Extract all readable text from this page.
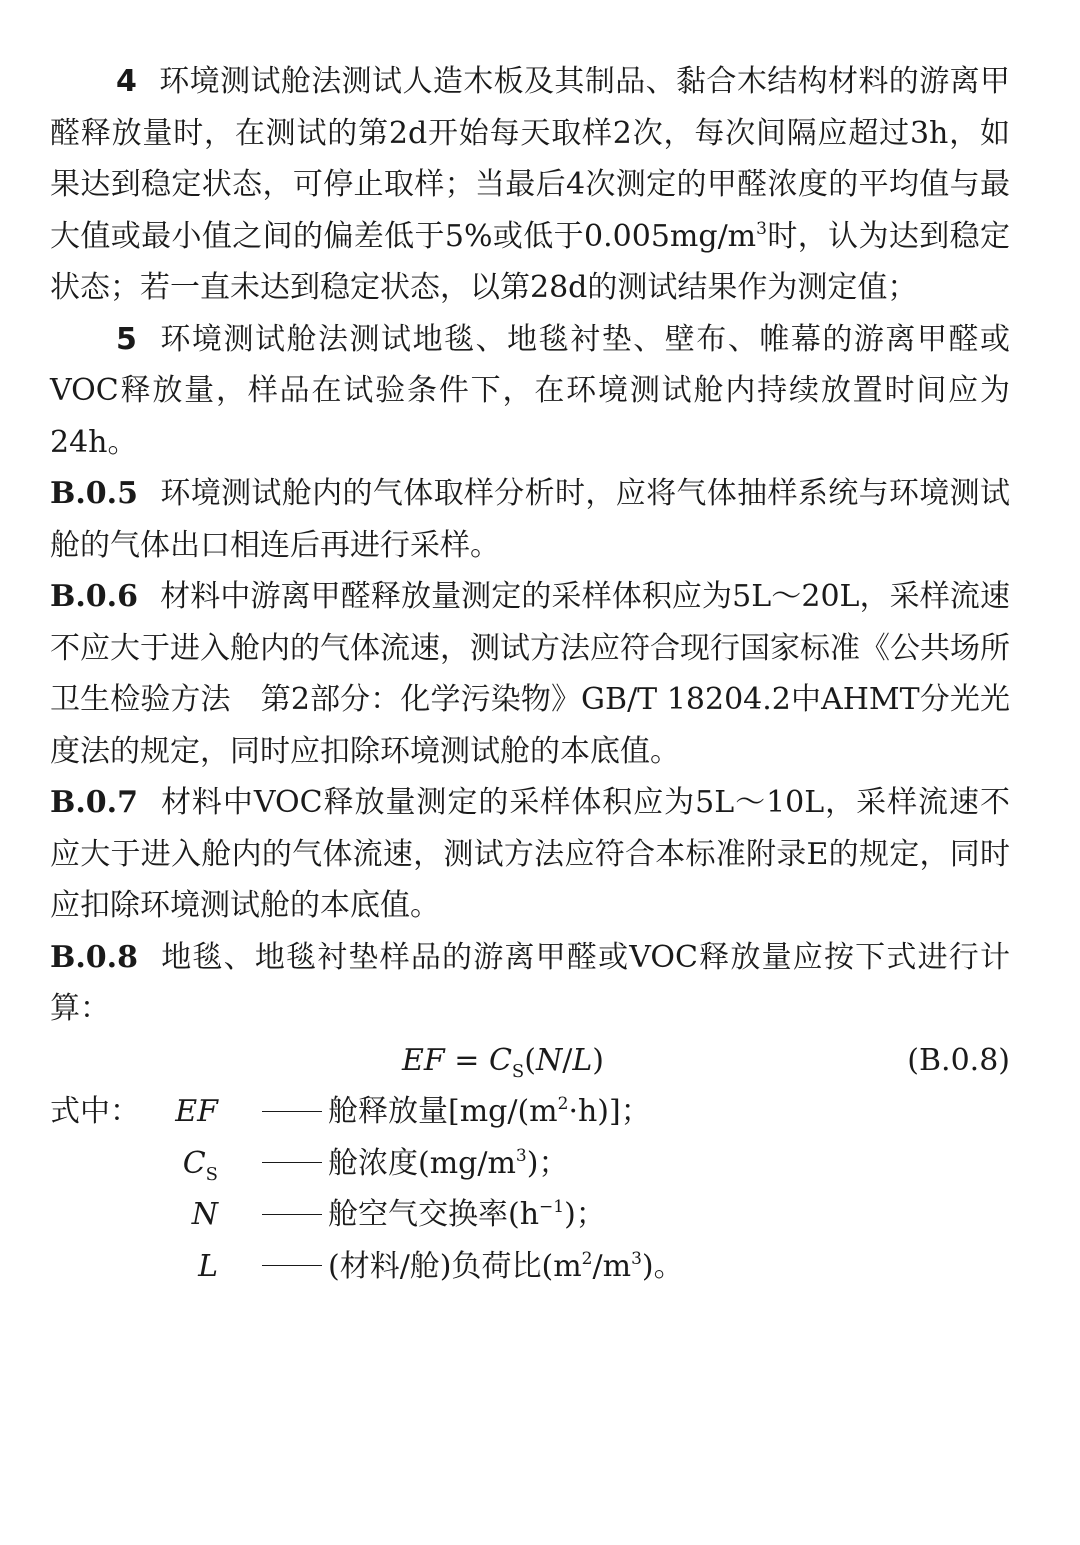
4 环境测试舱法测试人造木板及其制品、黏合木结构材料的游离甲醛释放量时，在测试的第2d开始每天取样2次，每次间隔应超过3h，如果达到稳定状态，可停止取样；当最后4次测定的甲醛浓度的平均值与最大值或最小值之间的偏差低于5%或低于$0.005mg/m^3$时，认为达到稳定状态；若一直未达到稳定状态，以第28d的测试结果作为测定值；

5 环境测试舱法测试地毯、地毯衬垫、壁布、帷幕的游离甲醛或VOC释放量，样品在试验条件下，在环境测试舱内持续放置时间应为24h。

B.0.5 环境测试舱内的气体取样分析时，应将气体抽样系统与环境测试舱的气体出口相连后再进行采样。

B.0.6 材料中游离甲醛释放量测定的采样体积应为5L～20L，采样流速不应大于进入舱内的气体流速，测试方法应符合现行国家标准《公共场所卫生检验方法　第2部分：化学污染物》GB/T 18204.2中AHMT分光光度法的规定，同时应扣除环境测试舱的本底值。

B.0.7 材料中VOC释放量测定的采样体积应为5L～10L，采样流速不应大于进入舱内的气体流速，测试方法应符合本标准附录E的规定，同时应扣除环境测试舱的本底值。

B.0.8 地毯、地毯衬垫样品的游离甲醛或VOC释放量应按下式进行计算：

EF = $C_S(N/L)$	(B.0.8)
式中：	EF	舱释放量$[mg/(m^2\cdot h)]$；
$C_S$	舱浓度$(mg/m^3)$；
N	舱空气交换率$(h^{-1})$；
L	(材料/舱)负荷比$(m^2/m^3)$。
